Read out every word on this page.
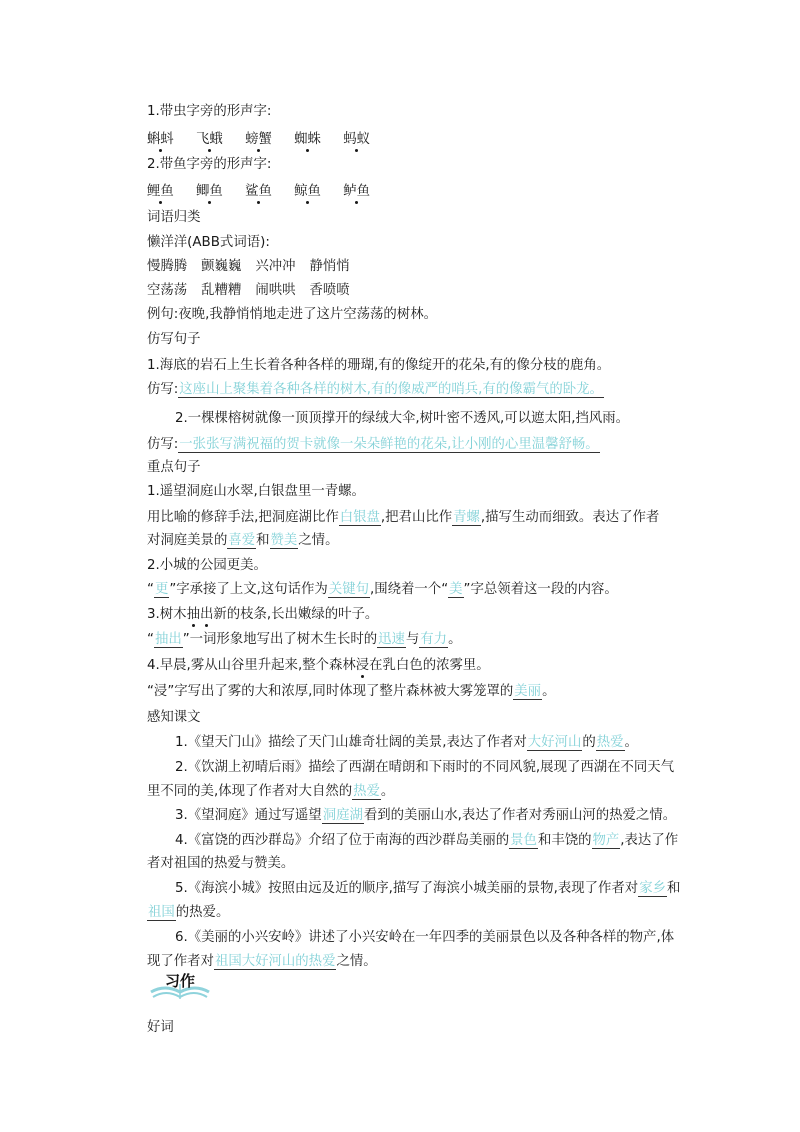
1.带虫字旁的形声字:
蝌蚪 飞蛾 螃蟹 蜘蛛 蚂蚁
2.带鱼字旁的形声字:
鲤鱼 鲫鱼 鲨鱼 鲸鱼 鲈鱼
词语归类
懒洋洋(ABB式词语):
慢腾腾 颤巍巍 兴冲冲 静悄悄
空荡荡 乱糟糟 闹哄哄 香喷喷
例句:夜晚,我静悄悄地走进了这片空荡荡的树林。
仿写句子
1.海底的岩石上生长着各种各样的珊瑚,有的像绽开的花朵,有的像分枝的鹿角。
仿写:这座山上聚集着各种各样的树木,有的像威严的哨兵,有的像霸气的卧龙。
2.一棵棵榕树就像一顶顶撑开的绿绒大伞,树叶密不透风,可以遮太阳,挡风雨。
仿写:一张张写满祝福的贺卡就像一朵朵鲜艳的花朵,让小刚的心里温馨舒畅。
重点句子
1.遥望洞庭山水翠,白银盘里一青螺。
用比喻的修辞手法,把洞庭湖比作白银盘,把君山比作青螺,描写生动而细致。表达了作者
对洞庭美景的喜爱和赞美之情。
2.小城的公园更美。
“更”字承接了上文,这句话作为关键句,围绕着一个“美”字总领着这一段的内容。
3.树木抽出新的枝条,长出嫩绿的叶子。
“抽出”一词形象地写出了树木生长时的迅速与有力。
4.早晨,雾从山谷里升起来,整个森林浸在乳白色的浓雾里。
“浸”字写出了雾的大和浓厚,同时体现了整片森林被大雾笼罩的美丽。
感知课文
1.《望天门山》描绘了天门山雄奇壮阔的美景,表达了作者对大好河山的热爱。
2.《饮湖上初晴后雨》描绘了西湖在晴朗和下雨时的不同风貌,展现了西湖在不同天气
里不同的美,体现了作者对大自然的热爱。
3.《望洞庭》通过写遥望洞庭湖看到的美丽山水,表达了作者对秀丽山河的热爱之情。
4.《富饶的西沙群岛》介绍了位于南海的西沙群岛美丽的景色和丰饶的物产,表达了作
者对祖国的热爱与赞美。
5.《海滨小城》按照由远及近的顺序,描写了海滨小城美丽的景物,表现了作者对家乡和
祖国的热爱。
6.《美丽的小兴安岭》讲述了小兴安岭在一年四季的美丽景色以及各种各样的物产,体
现了作者对祖国大好河山的热爱之情。
习作
好词
